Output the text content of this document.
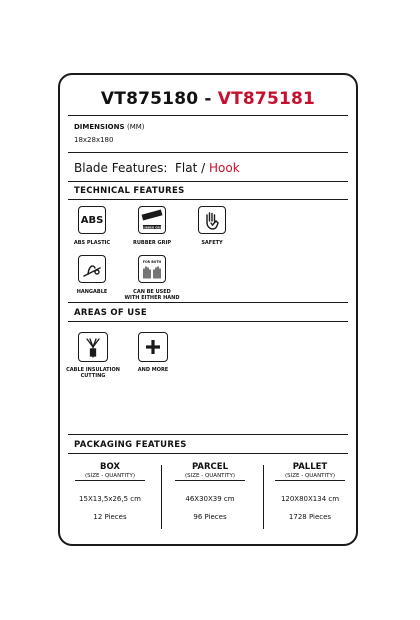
VT875180 - VT875181
DIMENSIONS (MM)
18x28x180
Blade Features: Flat / Hook
TECHNICAL FEATURES
ABS
ABS PLASTIC
RUBBER GRIP
RUBBER GRIP	SAFETY
HANGABLE
FOR BOTH
CAN BE USED
WITH EITHER HAND
AREAS OF USE
CABLE INSULATION
CUTTING
AND MORE
PACKAGING FEATURES
BOX
(SIZE - QUANTITY)
15X13,5x26,5 cm
12 Pieces
PARCEL
(SIZE - QUANTITY)
46X30X39 cm
96 Pieces
PALLET
(SIZE - QUANTITY)
120X80X134 cm
1728 Pieces
